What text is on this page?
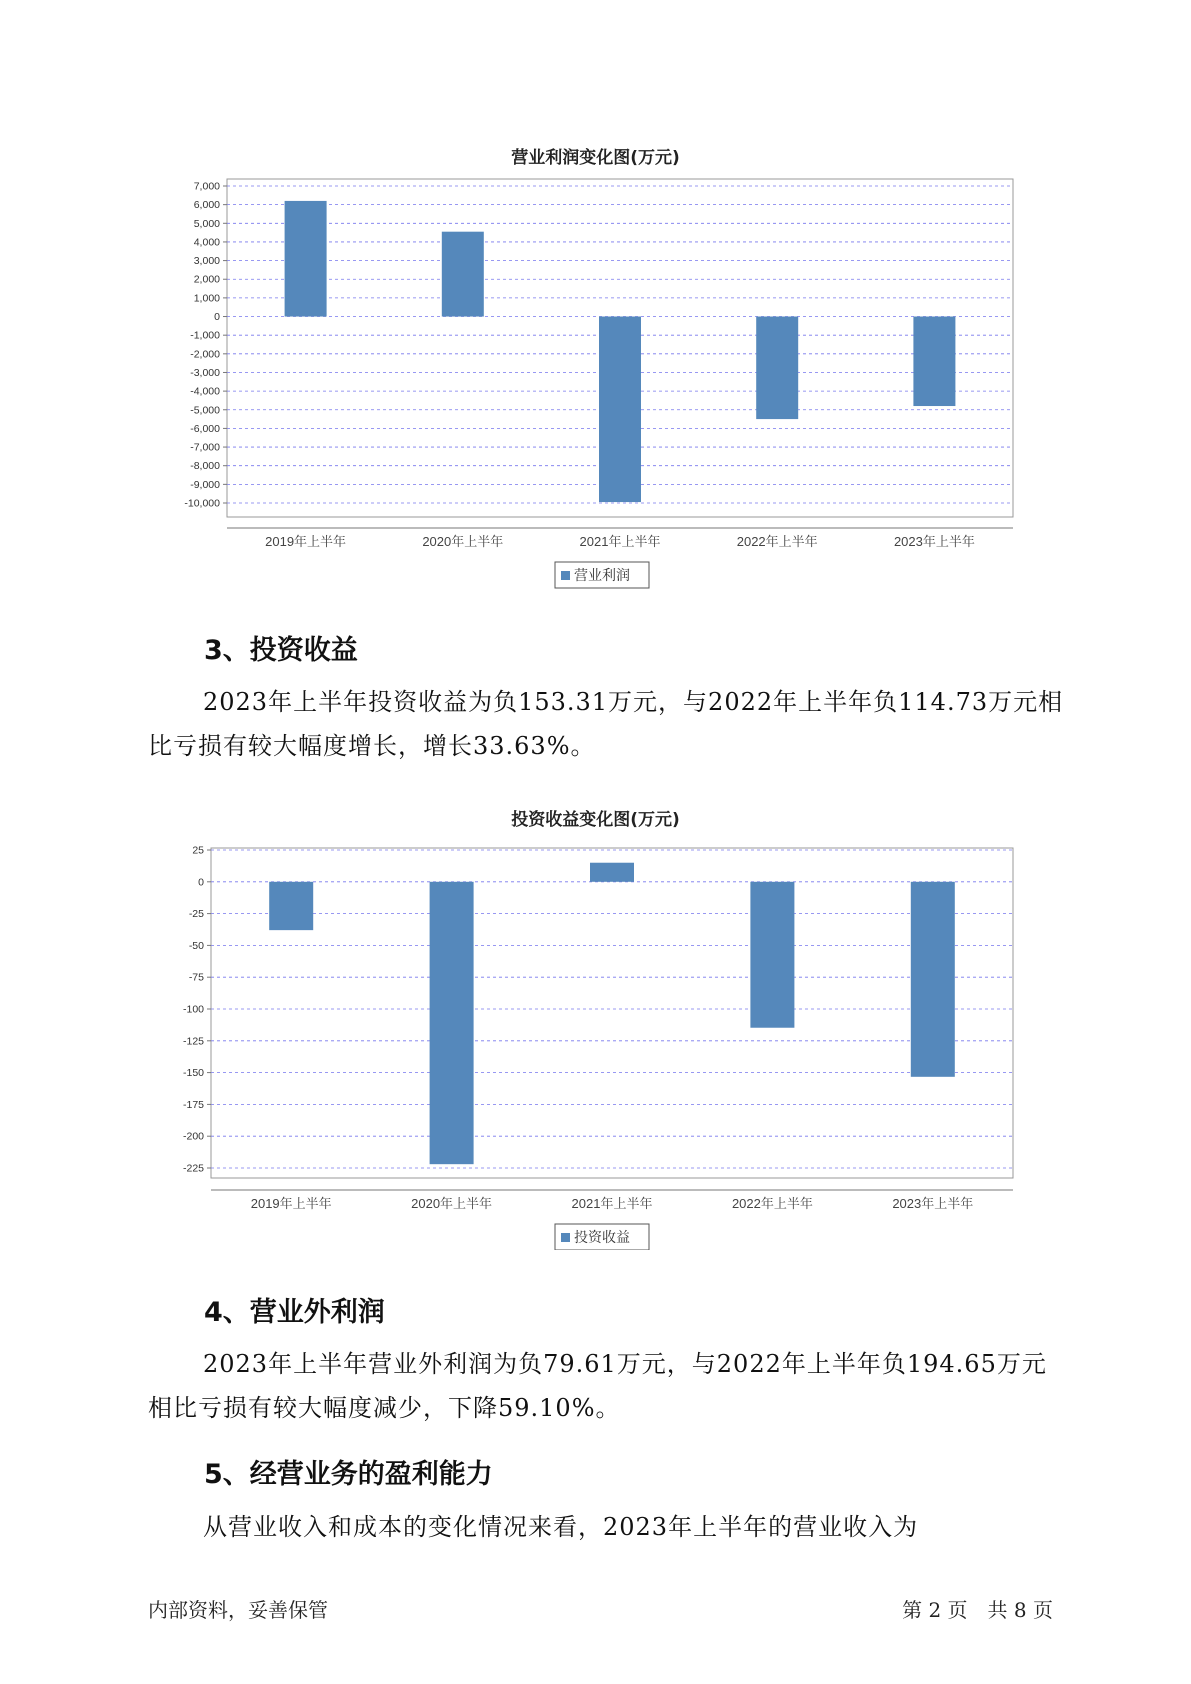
营业利润变化图(万元)
7,000
6,000
5,000
4,000
3,000
2,000
1,000
0
-1,000
-2,000
-3,000
-4,000
-5,000
-6,000
-7,000
-8,000
-9,000
-10,000
2019年上半年	2020年上半年	2021年上半年	2022年上半年	2023年上半年
营业利润
3、投资收益

2023年上半年投资收益为负153.31万元，与2022年上半年负114.73万元相比亏损有较大幅度增长，增长33.63%。

投资收益变化图(万元)
25
0
-25
-50
-75
-100
-125
-150
-175
-200
-225
2019年上半年	2020年上半年	2021年上半年	2022年上半年	2023年上半年
投资收益
4、营业外利润

2023年上半年营业外利润为负79.61万元，与2022年上半年负194.65万元相比亏损有较大幅度减少，下降59.10%。

5、经营业务的盈利能力

从营业收入和成本的变化情况来看，2023年上半年的营业收入为

内部资料，妥善保管	第 2 页　共 8 页
